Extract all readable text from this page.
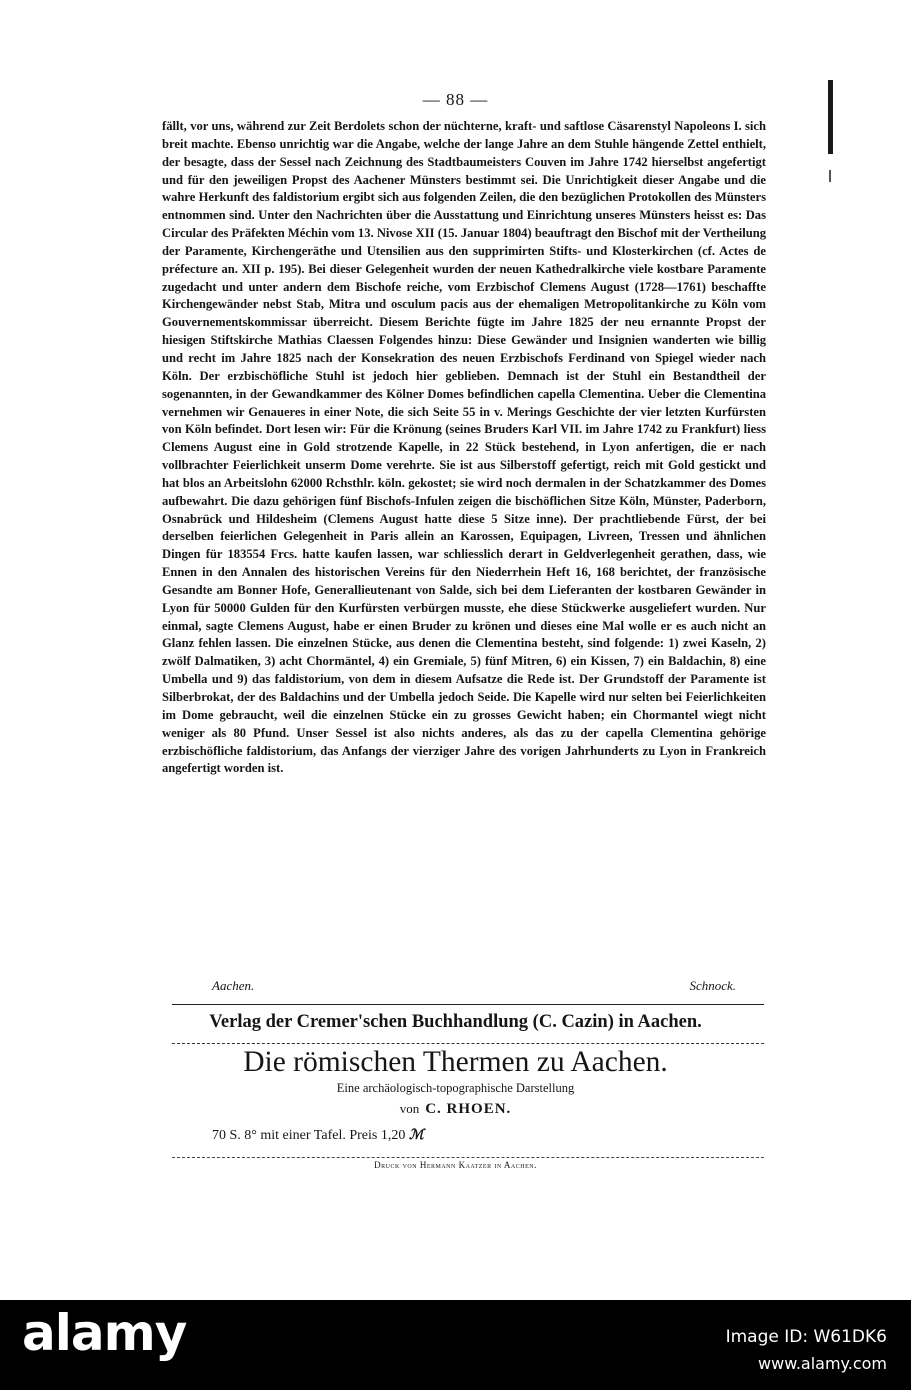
— 88 —

fällt, vor uns, während zur Zeit Berdolets schon der nüchterne, kraft- und saftlose Cäsarenstyl Napoleons I. sich breit machte. Ebenso unrichtig war die Angabe, welche der lange Jahre an dem Stuhle hängende Zettel enthielt, der besagte, dass der Sessel nach Zeichnung des Stadtbaumeisters Couven im Jahre 1742 hierselbst angefertigt und für den jeweiligen Propst des Aachener Münsters bestimmt sei. Die Unrichtigkeit dieser Angabe und die wahre Herkunft des faldistorium ergibt sich aus folgenden Zeilen, die den bezüglichen Protokollen des Münsters entnommen sind. Unter den Nachrichten über die Ausstattung und Einrichtung unseres Münsters heisst es: Das Circular des Präfekten Méchin vom 13. Nivose XII (15. Januar 1804) beauftragt den Bischof mit der Vertheilung der Paramente, Kirchengeräthe und Utensilien aus den supprimirten Stifts- und Klosterkirchen (cf. Actes de préfecture an. XII p. 195). Bei dieser Gelegenheit wurden der neuen Kathedralkirche viele kostbare Paramente zugedacht und unter andern dem Bischofe reiche, vom Erzbischof Clemens August (1728—1761) beschaffte Kirchengewänder nebst Stab, Mitra und osculum pacis aus der ehemaligen Metropolitankirche zu Köln vom Gouvernementskommissar überreicht. Diesem Berichte fügte im Jahre 1825 der neu ernannte Propst der hiesigen Stiftskirche Mathias Claessen Folgendes hinzu: Diese Gewänder und Insignien wanderten wie billig und recht im Jahre 1825 nach der Konsekration des neuen Erzbischofs Ferdinand von Spiegel wieder nach Köln. Der erzbischöfliche Stuhl ist jedoch hier geblieben. Demnach ist der Stuhl ein Bestandtheil der sogenannten, in der Gewandkammer des Kölner Domes befindlichen capella Clementina. Ueber die Clementina vernehmen wir Genaueres in einer Note, die sich Seite 55 in v. Merings Geschichte der vier letzten Kurfürsten von Köln befindet. Dort lesen wir: Für die Krönung (seines Bruders Karl VII. im Jahre 1742 zu Frankfurt) liess Clemens August eine in Gold strotzende Kapelle, in 22 Stück bestehend, in Lyon anfertigen, die er nach vollbrachter Feierlichkeit unserm Dome verehrte. Sie ist aus Silberstoff gefertigt, reich mit Gold gestickt und hat blos an Arbeitslohn 62000 Rchsthlr. köln. gekostet; sie wird noch dermalen in der Schatzkammer des Domes aufbewahrt. Die dazu gehörigen fünf Bischofs-Infulen zeigen die bischöflichen Sitze Köln, Münster, Paderborn, Osnabrück und Hildesheim (Clemens August hatte diese 5 Sitze inne). Der prachtliebende Fürst, der bei derselben feierlichen Gelegenheit in Paris allein an Karossen, Equipagen, Livreen, Tressen und ähnlichen Dingen für 183554 Frcs. hatte kaufen lassen, war schliesslich derart in Geldverlegenheit gerathen, dass, wie Ennen in den Annalen des historischen Vereins für den Niederrhein Heft 16, 168 berichtet, der französische Gesandte am Bonner Hofe, Generallieutenant von Salde, sich bei dem Lieferanten der kostbaren Gewänder in Lyon für 50000 Gulden für den Kurfürsten verbürgen musste, ehe diese Stückwerke ausgeliefert wurden. Nur einmal, sagte Clemens August, habe er einen Bruder zu krönen und dieses eine Mal wolle er es auch nicht an Glanz fehlen lassen. Die einzelnen Stücke, aus denen die Clementina besteht, sind folgende: 1) zwei Kaseln, 2) zwölf Dalmatiken, 3) acht Chormäntel, 4) ein Gremiale, 5) fünf Mitren, 6) ein Kissen, 7) ein Baldachin, 8) eine Umbella und 9) das faldistorium, von dem in diesem Aufsatze die Rede ist. Der Grundstoff der Paramente ist Silberbrokat, der des Baldachins und der Umbella jedoch Seide. Die Kapelle wird nur selten bei Feierlichkeiten im Dome gebraucht, weil die einzelnen Stücke ein zu grosses Gewicht haben; ein Chormantel wiegt nicht weniger als 80 Pfund. Unser Sessel ist also nichts anderes, als das zu der capella Clementina gehörige erzbischöfliche faldistorium, das Anfangs der vierziger Jahre des vorigen Jahrhunderts zu Lyon in Frankreich angefertigt worden ist.

Aachen.	Schnock.
Verlag der Cremer'schen Buchhandlung (C. Cazin) in Aachen.
Die römischen Thermen zu Aachen.
Eine archäologisch-topographische Darstellung
von C. RHOEN.
70 S. 8° mit einer Tafel. Preis 1,20 ℳ
Druck von Hermann Kaatzer in Aachen.
alamy	Image ID: W61DK6
www.alamy.com
